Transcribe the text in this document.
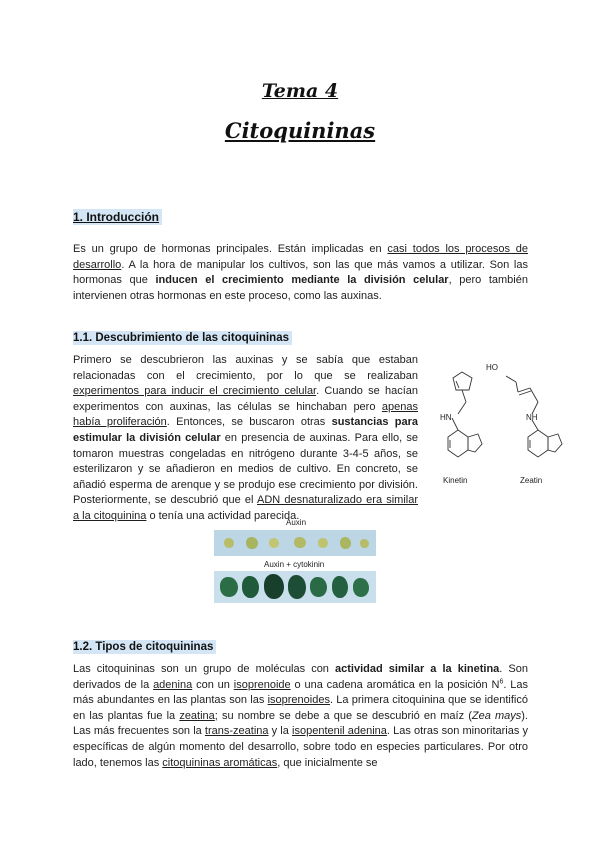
Tema 4
Citoquininas
1. Introducción
Es un grupo de hormonas principales. Están implicadas en casi todos los procesos de desarrollo. A la hora de manipular los cultivos, son las que más vamos a utilizar. Son las hormonas que inducen el crecimiento mediante la división celular, pero también intervienen otras hormonas en este proceso, como las auxinas.
1.1. Descubrimiento de las citoquininas
Primero se descubrieron las auxinas y se sabía que estaban relacionadas con el crecimiento, por lo que se realizaban experimentos para inducir el crecimiento celular. Cuando se hacían experimentos con auxinas, las células se hinchaban pero apenas había proliferación. Entonces, se buscaron otras sustancias para estimular la división celular en presencia de auxinas. Para ello, se tomaron muestras congeladas en nitrógeno durante 3-4-5 años, se esterilizaron y se añadieron en medios de cultivo. En concreto, se añadió esperma de arenque y se produjo ese crecimiento por división. Posteriormente, se descubrió que el ADN desnaturalizado era similar a la citoquinina o tenía una actividad parecida.
HN	NH
HO
Kinetin	Zeatin
Auxin
Auxin + cytokinin
1.2. Tipos de citoquininas
Las citoquininas son un grupo de moléculas con actividad similar a la kinetina. Son derivados de la adenina con un isoprenoide o una cadena aromática en la posición $N^6$. Las más abundantes en las plantas son las isoprenoides. La primera citoquinina que se identificó en las plantas fue la zeatina; su nombre se debe a que se descubrió en maíz (Zea mays). Las más frecuentes son la trans-zeatina y la isopentenil adenina. Las otras son minoritarias y específicas de algún momento del desarrollo, sobre todo en especies particulares. Por otro lado, tenemos las citoquininas aromáticas, que inicialmente se
